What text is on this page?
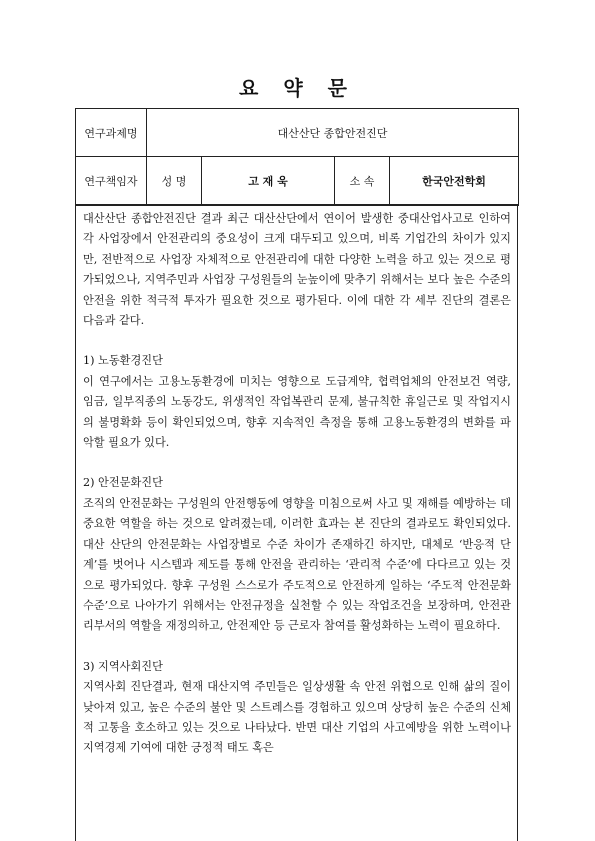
요 약 문
연구과제명	대산산단 종합안전진단			
연구책임자	성 명	고 재 욱	소 속	한국안전학회

대산산단 종합안전진단 결과 최근 대산산단에서 연이어 발생한 중대산업사고로 인하여 각 사업장에서 안전관리의 중요성이 크게 대두되고 있으며, 비록 기업간의 차이가 있지만, 전반적으로 사업장 자체적으로 안전관리에 대한 다양한 노력을 하고 있는 것으로 평가되었으나, 지역주민과 사업장 구성원들의 눈높이에 맞추기 위해서는 보다 높은 수준의 안전을 위한 적극적 투자가 필요한 것으로 평가된다. 이에 대한 각 세부 진단의 결론은 다음과 같다.

1) 노동환경진단

이 연구에서는 고용노동환경에 미치는 영향으로 도급계약, 협력업체의 안전보건 역량, 임금, 일부직종의 노동강도, 위생적인 작업복관리 문제, 불규칙한 휴일근로 및 작업지시의 불명확화 등이 확인되었으며, 향후 지속적인 측정을 통해 고용노동환경의 변화를 파악할 필요가 있다.

2) 안전문화진단

조직의 안전문화는 구성원의 안전행동에 영향을 미침으로써 사고 및 재해를 예방하는 데 중요한 역할을 하는 것으로 알려졌는데, 이러한 효과는 본 진단의 결과로도 확인되었다. 대산 산단의 안전문화는 사업장별로 수준 차이가 존재하긴 하지만, 대체로 ‘반응적 단계’를 벗어나 시스템과 제도를 통해 안전을 관리하는 ‘관리적 수준’에 다다르고 있는 것으로 평가되었다. 향후 구성원 스스로가 주도적으로 안전하게 일하는 ‘주도적 안전문화 수준’으로 나아가기 위해서는 안전규정을 실천할 수 있는 작업조건을 보장하며, 안전관리부서의 역할을 재정의하고, 안전제안 등 근로자 참여를 활성화하는 노력이 필요하다.

3) 지역사회진단

지역사회 진단결과, 현재 대산지역 주민들은 일상생활 속 안전 위협으로 인해 삶의 질이 낮아져 있고, 높은 수준의 불안 및 스트레스를 경험하고 있으며 상당히 높은 수준의 신체적 고통을 호소하고 있는 것으로 나타났다. 반면 대산 기업의 사고예방을 위한 노력이나 지역경제 기여에 대한 긍정적 태도 혹은
